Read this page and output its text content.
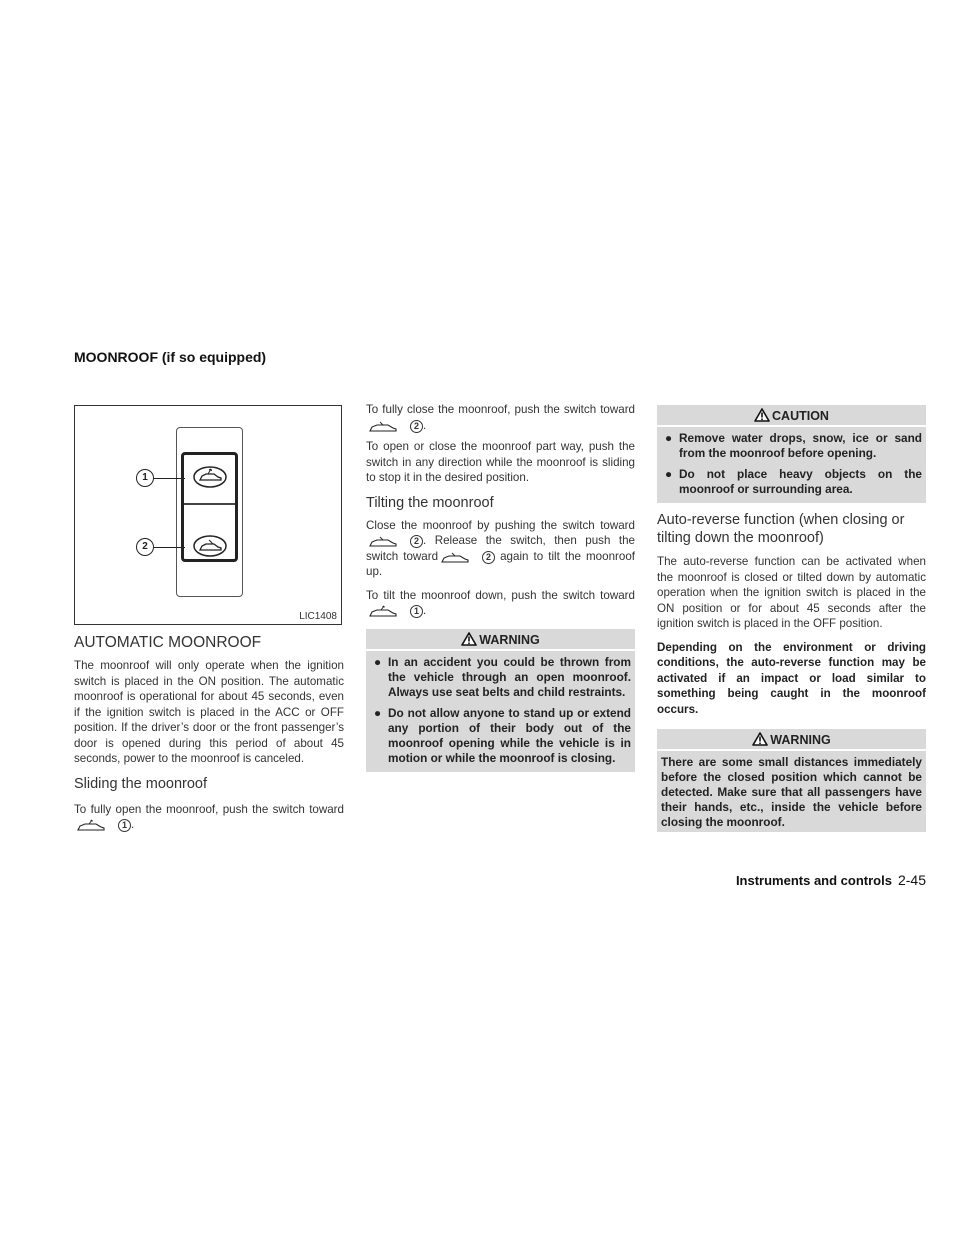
MOONROOF (if so equipped)
1
2
LIC1408
AUTOMATIC MOONROOF

The moonroof will only operate when the ignition switch is placed in the ON position. The automatic moonroof is operational for about 45 seconds, even if the ignition switch is placed in the ACC or OFF position. If the driver’s door or the front passenger’s door is opened during this period of about 45 seconds, power to the moonroof is canceled.

Sliding the moonroof

To fully open the moonroof, push the switch toward1 .

To fully close the moonroof, push the switch toward2 .

To open or close the moonroof part way, push the switch in any direction while the moonroof is sliding to stop it in the desired position.

Tilting the moonroof

Close the moonroof by pushing the switch toward2 . Release the switch, then push the switch toward	2 again to tilt the moonroof up.

To tilt the moonroof down, push the switch toward1 .

WARNING
● In an accident you could be thrown from the vehicle through an open moonroof. Always use seat belts and child restraints.
● Do not allow anyone to stand up or extend any portion of their body out of the moonroof opening while the vehicle is in motion or while the moonroof is closing.
CAUTION
● Remove water drops, snow, ice or sand from the moonroof before opening.
● Do not place heavy objects on the moonroof or surrounding area.
Auto-reverse function (when closing or tilting down the moonroof)

The auto-reverse function can be activated when the moonroof is closed or tilted down by automatic operation when the ignition switch is placed in the ON position or for about 45 seconds after the ignition switch is placed in the OFF position.

Depending on the environment or driving conditions, the auto-reverse function may be activated if an impact or load similar to something being caught in the moonroof occurs.

WARNING
There are some small distances immediately before the closed position which cannot be detected. Make sure that all passengers have their hands, etc., inside the vehicle before closing the moonroof.
Instruments and controls 2-45
